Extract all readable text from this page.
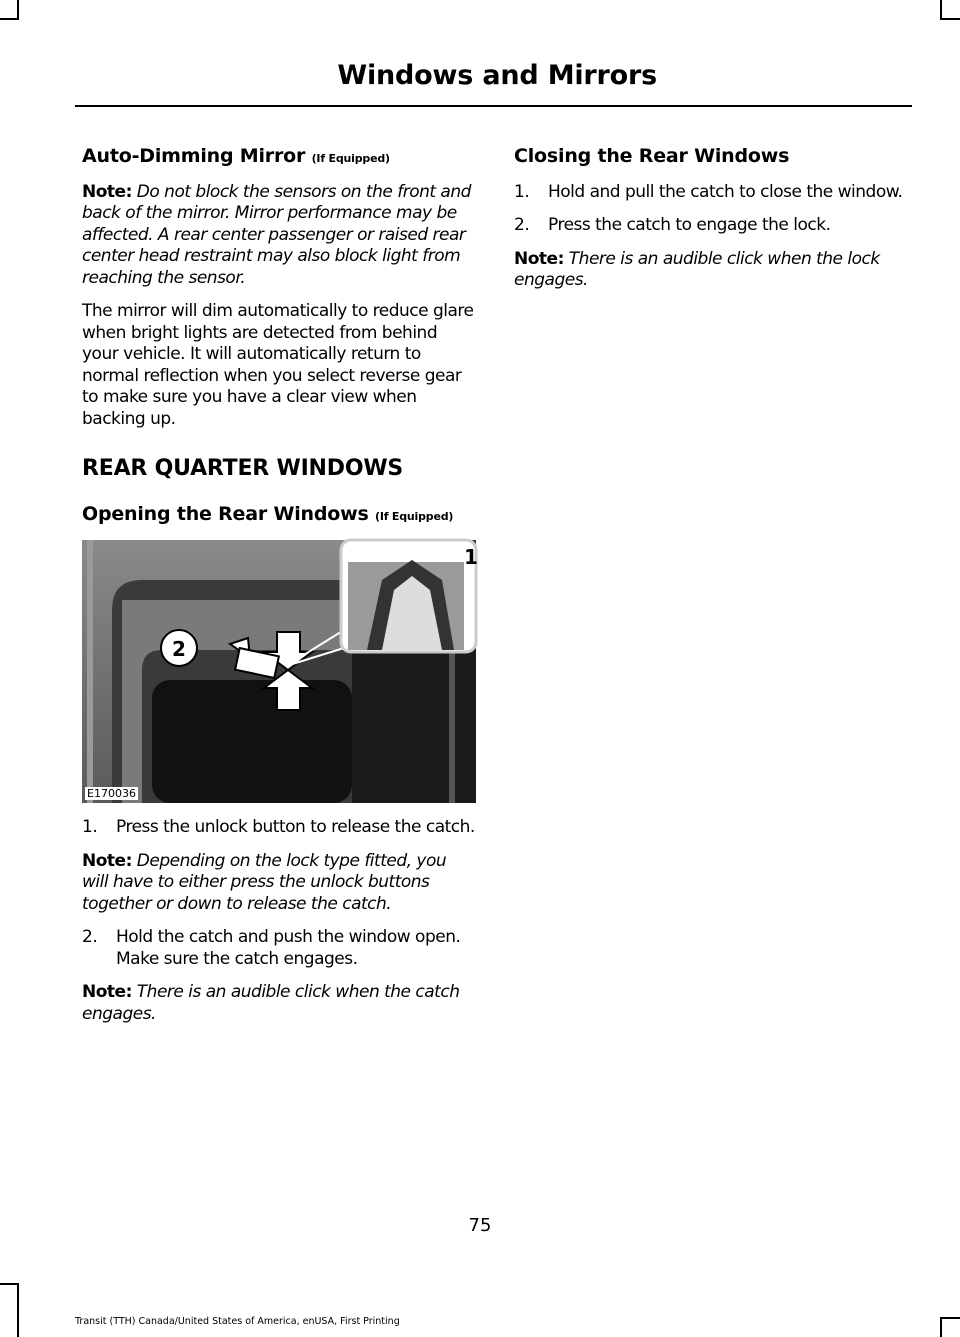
Windows and Mirrors
Auto-Dimming Mirror (If Equipped)

Note: Do not block the sensors on the front and back of the mirror. Mirror performance may be affected. A rear center passenger or raised rear center head restraint may also block light from reaching the sensor.

The mirror will dim automatically to reduce glare when bright lights are detected from behind your vehicle. It will automatically return to normal reflection when you select reverse gear to make sure you have a clear view when backing up.

REAR QUARTER WINDOWS
Opening the Rear Windows (If Equipped)
1
2
E170036
1.	Press the unlock button to release the catch.

Note: Depending on the lock type fitted, you will have to either press the unlock buttons together or down to release the catch.

2.	Hold the catch and push the window open. Make sure the catch engages.

Note: There is an audible click when the catch engages.

Closing the Rear Windows
1.	Hold and pull the catch to close the window.
2.	Press the catch to engage the lock.

Note: There is an audible click when the lock engages.

75
Transit (TTH) Canada/United States of America, enUSA, First Printing
